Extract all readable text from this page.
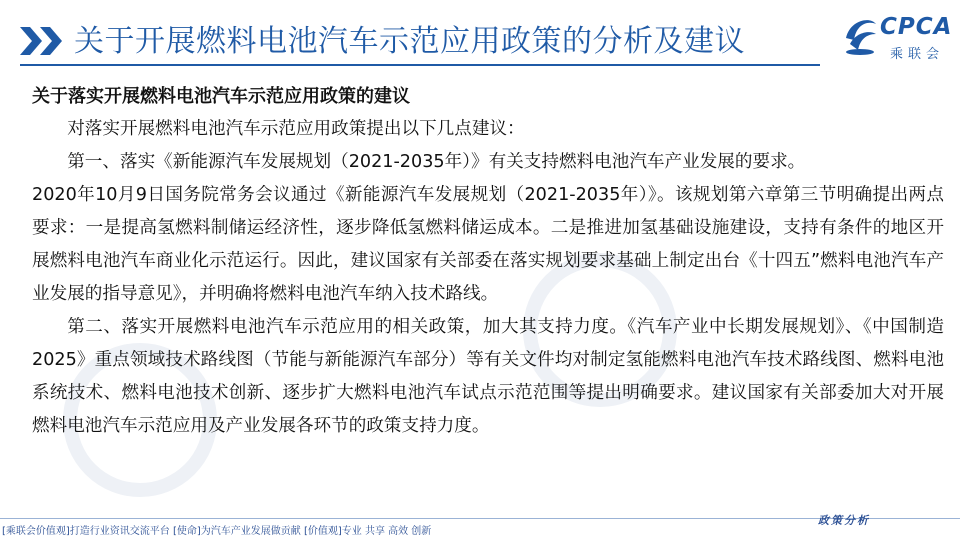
关于开展燃料电池汽车示范应用政策的分析及建议	CPCA
乘联会

关于落实开展燃料电池汽车示范应用政策的建议

对落实开展燃料电池汽车示范应用政策提出以下几点建议：

第一、落实《新能源汽车发展规划（2021-2035年）》有关支持燃料电池汽车产业发展的要求。

2020年10月9日国务院常务会议通过《新能源汽车发展规划（2021-2035年）》。该规划第六章第三节明确提出两点要求：一是提高氢燃料制储运经济性，逐步降低氢燃料储运成本。二是推进加氢基础设施建设，支持有条件的地区开展燃料电池汽车商业化示范运行。因此，建议国家有关部委在落实规划要求基础上制定出台《十四五”燃料电池汽车产业发展的指导意见》，并明确将燃料电池汽车纳入技术路线。

第二、落实开展燃料电池汽车示范应用的相关政策，加大其支持力度。《汽车产业中长期发展规划》、《中国制造2025》重点领域技术路线图（节能与新能源汽车部分）等有关文件均对制定氢能燃料电池汽车技术路线图、燃料电池系统技术、燃料电池技术创新、逐步扩大燃料电池汽车试点示范范围等提出明确要求。建议国家有关部委加大对开展燃料电池汽车示范应用及产业发展各环节的政策支持力度。

[乘联会价值观]打造行业资讯交流平台 [使命]为汽车产业发展做贡献 [价值观]专业 共享 高效 创新
政策分析
